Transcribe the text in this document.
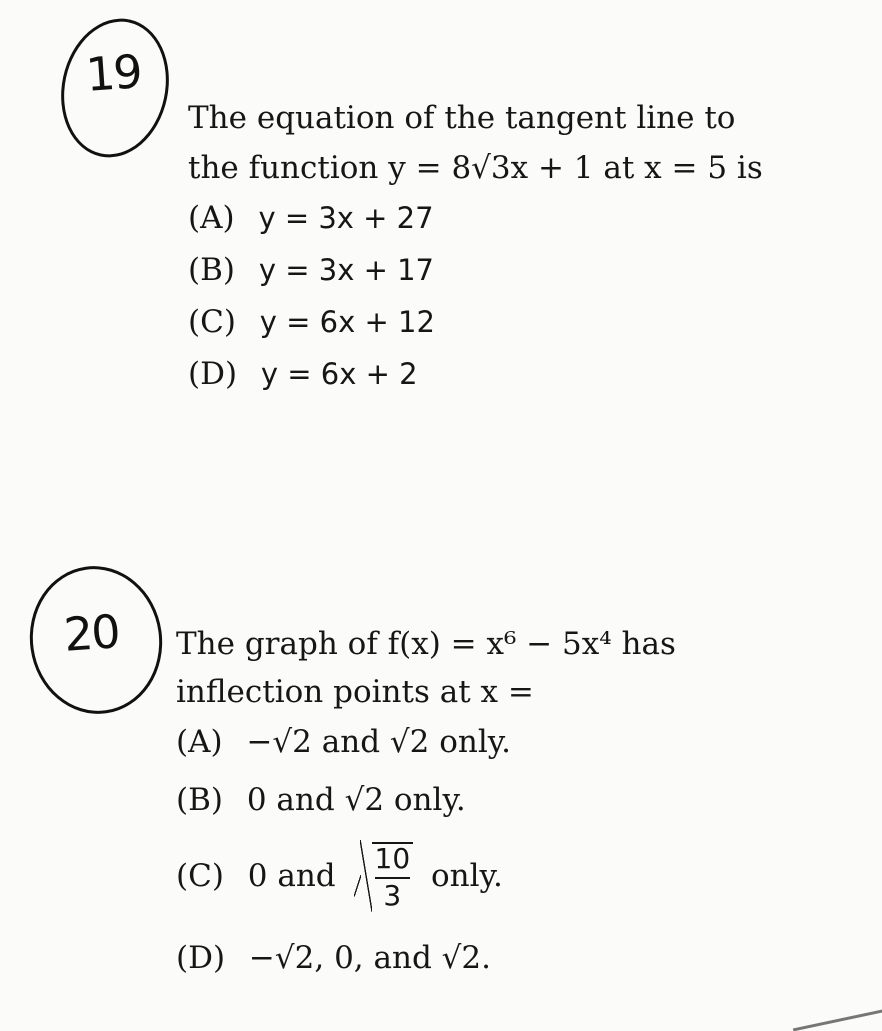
19
The equation of the tangent line to
the function y = 8√3x + 1 at x = 5 is
(A) y = 3x + 27
(B) y = 3x + 17
(C) y = 6x + 12
(D) y = 6x + 2
20 The graph of f(x) = x⁶ − 5x⁴ has
inflection points at x =
(A) −√2 and √2 only.
(B) 0 and √2 only.
(C) 0 and $\frac{10}{3}$ only.
(D) −√2, 0, and √2.
